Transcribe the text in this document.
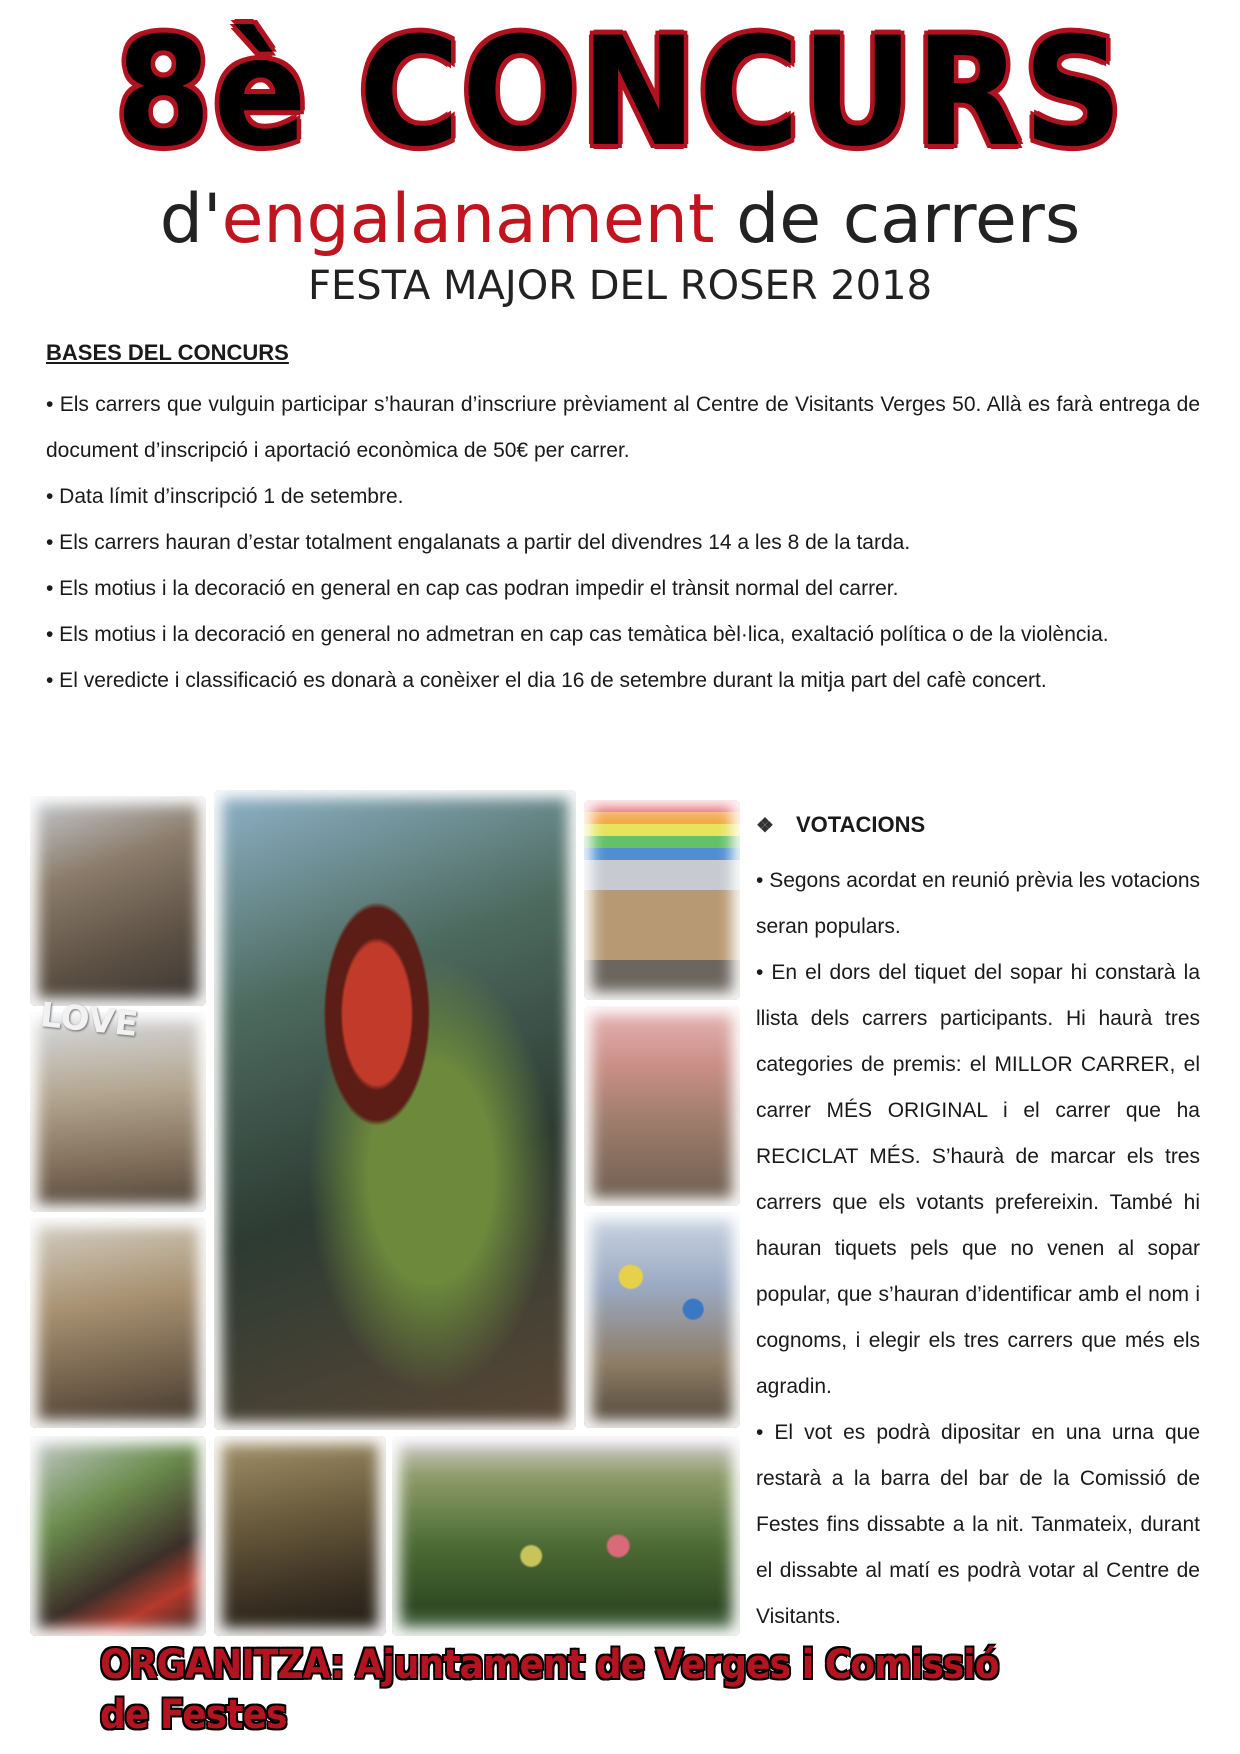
8è CONCURS
d'engalanament de carrers
FESTA MAJOR DEL ROSER 2018
BASES DEL CONCURS

• Els carrers que vulguin participar s’hauran d’inscriure prèviament al Centre de Visitants Verges 50. Allà es farà entrega de document d’inscripció i aportació econòmica de 50€ per carrer.

• Data límit d’inscripció 1 de setembre.

• Els carrers hauran d’estar totalment engalanats a partir del divendres 14 a les 8 de la tarda.

• Els motius i la decoració en general en cap cas podran impedir el trànsit normal del carrer.

• Els motius i la decoració en general no admetran en cap cas temàtica bèl·lica, exaltació política o de la violència.

• El veredicte i classificació es donarà a conèixer el dia 16 de setembre durant la mitja part del cafè concert.

LOVE
❖ VOTACIONS

• Segons acordat en reunió prèvia les votacions seran populars.

• En el dors del tiquet del sopar hi constarà la llista dels carrers participants. Hi haurà tres categories de premis: el MILLOR CARRER, el carrer MÉS ORIGINAL i el carrer que ha RECICLAT MÉS. S’haurà de marcar els tres carrers que els votants prefereixin. També hi hauran tiquets pels que no venen al sopar popular, que s’hauran d’identificar amb el nom i cognoms, i elegir els tres carrers que més els agradin.

• El vot es podrà dipositar en una urna que restarà a la barra del bar de la Comissió de Festes fins dissabte a la nit. Tanmateix, durant el dissabte al matí es podrà votar al Centre de Visitants.

ORGANITZA: Ajuntament de Verges i Comissió de Festes
